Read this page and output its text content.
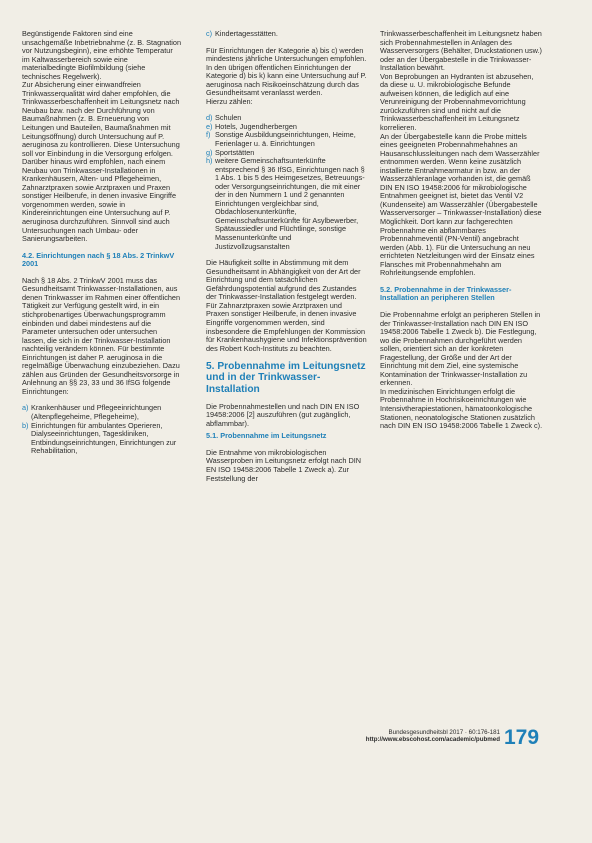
Begünstigende Faktoren sind eine unsachgemäße Inbetriebnahme (z. B. Stagnation vor Nutzungsbeginn), eine erhöhte Temperatur im Kaltwasserbereich sowie eine materialbedingte Biofilmbildung (siehe technisches Regelwerk).

Zur Absicherung einer einwandfreien Trinkwasserqualität wird daher empfohlen, die Trinkwasserbeschaffenheit im Leitungsnetz nach Neubau bzw. nach der Durchführung von Baumaßnahmen (z. B. Erneuerung von Leitungen und Bauteilen, Baumaßnahmen mit Leitungsöffnung) durch Untersuchung auf P. aeruginosa zu kontrollieren. Diese Untersuchung soll vor Einbindung in die Versorgung erfolgen.

Darüber hinaus wird empfohlen, nach einem Neubau von Trinkwasser-Installationen in Krankenhäusern, Alten- und Pflegeheimen, Zahnarztpraxen sowie Arztpraxen und Praxen sonstiger Heilberufe, in denen invasive Eingriffe vorgenommen werden, sowie in Kindereinrichtungen eine Untersuchung auf P. aeruginosa durchzuführen. Sinnvoll sind auch Untersuchungen nach Umbau- oder Sanierungsarbeiten.

4.2. Einrichtungen nach § 18 Abs. 2 TrinkwV 2001

Nach § 18 Abs. 2 TrinkwV 2001 muss das Gesundheitsamt Trinkwasser-Installationen, aus denen Trinkwasser im Rahmen einer öffentlichen Tätigkeit zur Verfügung gestellt wird, in ein stichprobenartiges Überwachungsprogramm einbinden und dabei mindestens auf die Parameter untersuchen oder untersuchen lassen, die sich in der Trinkwasser-Installation nachteilig verändern können. Für bestimmte Einrichtungen ist daher P. aeruginosa in die regelmäßige Überwachung einzubeziehen. Dazu zählen aus Gründen der Gesundheitsvorsorge in Anlehnung an §§ 23, 33 und 36 IfSG folgende Einrichtungen:

a) Krankenhäuser und Pflegeeinrichtungen (Altenpflegeheime, Pflegeheime),
b) Einrichtungen für ambulantes Operieren, Dialyseeinrichtungen, Tageskliniken, Entbindungseinrichtungen, Einrichtungen zur Rehabilitation,
c) Kindertagesstätten.

Für Einrichtungen der Kategorie a) bis c) werden mindestens jährliche Untersuchungen empfohlen.

In den übrigen öffentlichen Einrichtungen der Kategorie d) bis k) kann eine Untersuchung auf P. aeruginosa nach Risikoeinschätzung durch das Gesundheitsamt veranlasst werden.

Hierzu zählen:

d) Schulen
e) Hotels, Jugendherbergen
f) Sonstige Ausbildungseinrichtungen, Heime, Ferienlager u. ä. Einrichtungen
g) Sportstätten
h) weitere Gemeinschaftsunterkünfte entsprechend § 36 IfSG, Einrichtungen nach § 1 Abs. 1 bis 5 des Heimgesetzes, Betreuungs- oder Versorgungseinrichtungen, die mit einer der in den Nummern 1 und 2 genannten Einrichtungen vergleichbar sind, Obdachlosenunterkünfte, Gemeinschaftsunterkünfte für Asylbewerber, Spätaussiedler und Flüchtlinge, sonstige Massenunterkünfte und Justizvollzugsanstalten

Die Häufigkeit sollte in Abstimmung mit dem Gesundheitsamt in Abhängigkeit von der Art der Einrichtung und dem tatsächlichen Gefährdungspotential aufgrund des Zustandes der Trinkwasser-Installation festgelegt werden.

Für Zahnarztpraxen sowie Arztpraxen und Praxen sonstiger Heilberufe, in denen invasive Eingriffe vorgenommen werden, sind insbesondere die Empfehlungen der Kommission für Krankenhaushygiene und Infektionsprävention des Robert Koch-Instituts zu beachten.

5. Probennahme im Leitungsnetz und in der Trinkwasser-Installation

Die Probennahmestellen und nach DIN EN ISO 19458:2006 [2] auszuführen (gut zugänglich, abflammbar).

5.1. Probennahme im Leitungsnetz

Die Entnahme von mikrobiologischen Wasserproben im Leitungsnetz erfolgt nach DIN EN ISO 19458:2006 Tabelle 1 Zweck a). Zur Feststellung der

Trinkwasserbeschaffenheit im Leitungsnetz haben sich Probennahmestellen in Anlagen des Wasserversorgers (Behälter, Druckstationen usw.) oder an der Übergabestelle in die Trinkwasser-Installation bewährt.

Von Beprobungen an Hydranten ist abzusehen, da diese u. U. mikrobiologische Befunde aufweisen können, die lediglich auf eine Verunreinigung der Probennahmevorrichtung zurückzuführen sind und nicht auf die Trinkwasserbeschaffenheit im Leitungsnetz korrelieren.

An der Übergabestelle kann die Probe mittels eines geeigneten Probennahmehahnes an Hausanschlussleitungen nach dem Wasserzähler entnommen werden. Wenn keine zusätzlich installierte Entnahmearmatur in bzw. an der Wasserzähleranlage vorhanden ist, die gemäß DIN EN ISO 19458:2006 für mikrobiologische Entnahmen geeignet ist, bietet das Ventil V2 (Kundenseite) am Wasserzähler (Übergabestelle Wasserversorger – Trinkwasser-Installation) diese Möglichkeit. Dort kann zur fachgerechten Probennahme ein abflammbares Probennahmeventil (PN-Ventil) angebracht werden (Abb. 1). Für die Untersuchung an neu errichteten Netzleitungen wird der Einsatz eines Flansches mit Probennahmehahn am Rohrleitungsende empfohlen.

5.2. Probennahme in der Trinkwasser-Installation an peripheren Stellen

Die Probennahme erfolgt an peripheren Stellen in der Trinkwasser-Installation nach DIN EN ISO 19458:2006 Tabelle 1 Zweck b). Die Festlegung, wo die Probennahmen durchgeführt werden sollen, orientiert sich an der konkreten Fragestellung, der Größe und der Art der Einrichtung mit dem Ziel, eine systemische Kontamination der Trinkwasser-Installation zu erkennen.

In medizinischen Einrichtungen erfolgt die Probennahme in Hochrisikoeinrichtungen wie Intensivtherapiestationen, hämatoonkologische Stationen, neonatologische Stationen zusätzlich nach DIN EN ISO 19458:2006 Tabelle 1 Zweck c).

Bundesgesundheitsbl 2017 · 60:176-181
http://www.ebscohost.com/academic/pubmed 179
